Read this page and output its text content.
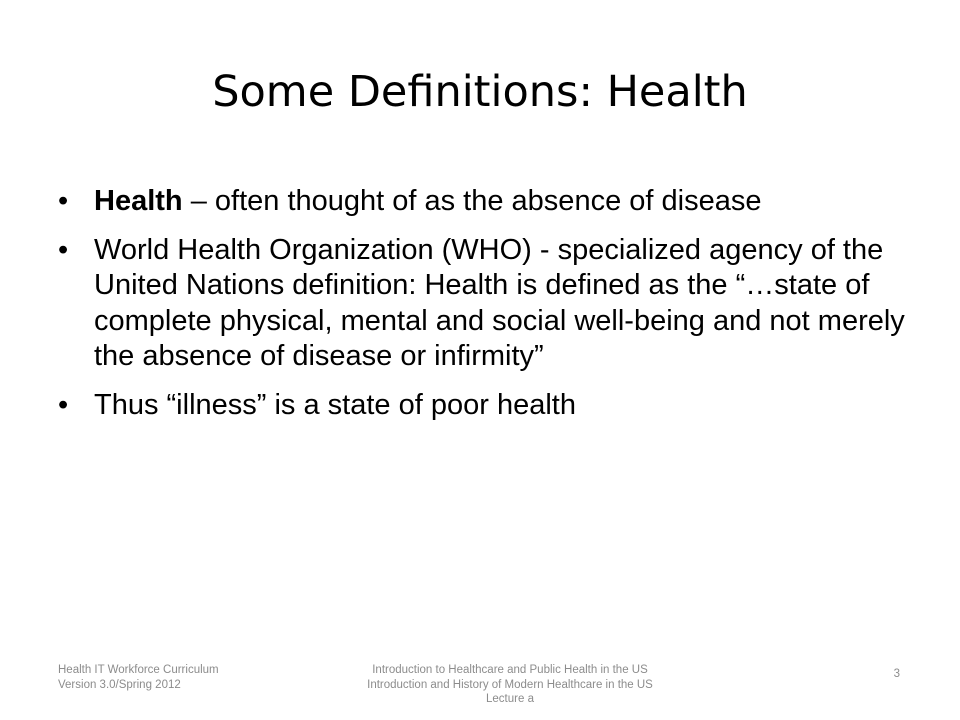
Some Definitions: Health
• Health – often thought of as the absence of disease
• World Health Organization (WHO) - specialized agency of the United Nations definition: Health is defined as the “…state of complete physical, mental and social well-being and not merely the absence of disease or infirmity”
• Thus “illness” is a state of poor health
Health IT Workforce Curriculum
Version 3.0/Spring 2012
Introduction to Healthcare and Public Health in the US
Introduction and History of Modern Healthcare in the US
Lecture a
3
